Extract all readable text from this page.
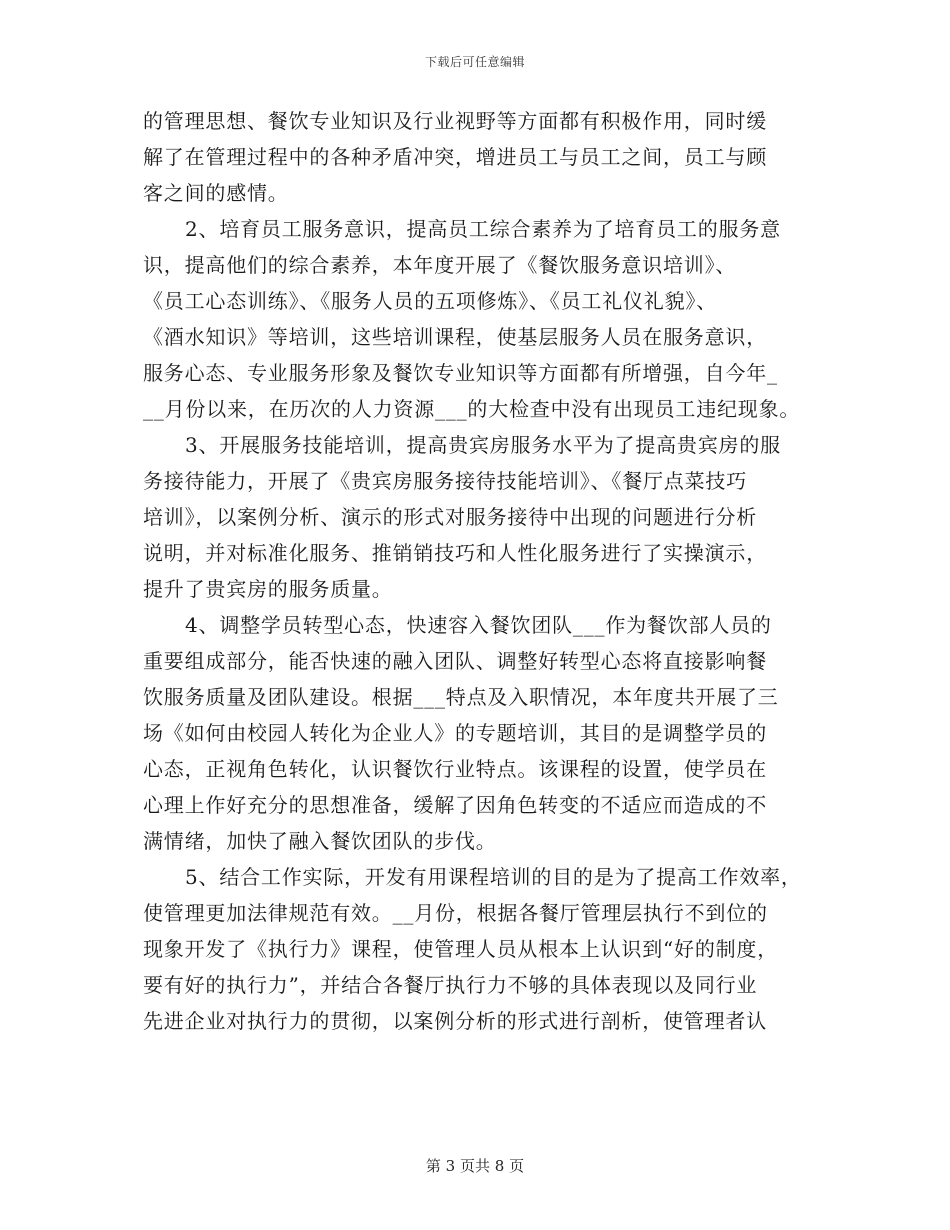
下载后可任意编辑
的管理思想、餐饮专业知识及行业视野等方面都有积极作用，同时缓
解了在管理过程中的各种矛盾冲突，增进员工与员工之间，员工与顾
客之间的感情。
2、培育员工服务意识，提高员工综合素养为了培育员工的服务意
识，提高他们的综合素养，本年度开展了《餐饮服务意识培训》、
《员工心态训练》、《服务人员的五项修炼》、《员工礼仪礼貌》、
《酒水知识》等培训，这些培训课程，使基层服务人员在服务意识，
服务心态、专业服务形象及餐饮专业知识等方面都有所增强，自今年_
__月份以来，在历次的人力资源___的大检查中没有出现员工违纪现象。
3、开展服务技能培训，提高贵宾房服务水平为了提高贵宾房的服
务接待能力，开展了《贵宾房服务接待技能培训》、《餐厅点菜技巧
培训》，以案例分析、演示的形式对服务接待中出现的问题进行分析
说明，并对标准化服务、推销销技巧和人性化服务进行了实操演示，
提升了贵宾房的服务质量。
4、调整学员转型心态，快速容入餐饮团队___作为餐饮部人员的
重要组成部分，能否快速的融入团队、调整好转型心态将直接影响餐
饮服务质量及团队建设。根据___特点及入职情况，本年度共开展了三
场《如何由校园人转化为企业人》的专题培训，其目的是调整学员的
心态，正视角色转化，认识餐饮行业特点。该课程的设置，使学员在
心理上作好充分的思想准备，缓解了因角色转变的不适应而造成的不
满情绪，加快了融入餐饮团队的步伐。
5、结合工作实际，开发有用课程培训的目的是为了提高工作效率，
使管理更加法律规范有效。__月份，根据各餐厅管理层执行不到位的
现象开发了《执行力》课程，使管理人员从根本上认识到“好的制度，
要有好的执行力”，并结合各餐厅执行力不够的具体表现以及同行业
先进企业对执行力的贯彻，以案例分析的形式进行剖析，使管理者认
第 3 页共 8 页
